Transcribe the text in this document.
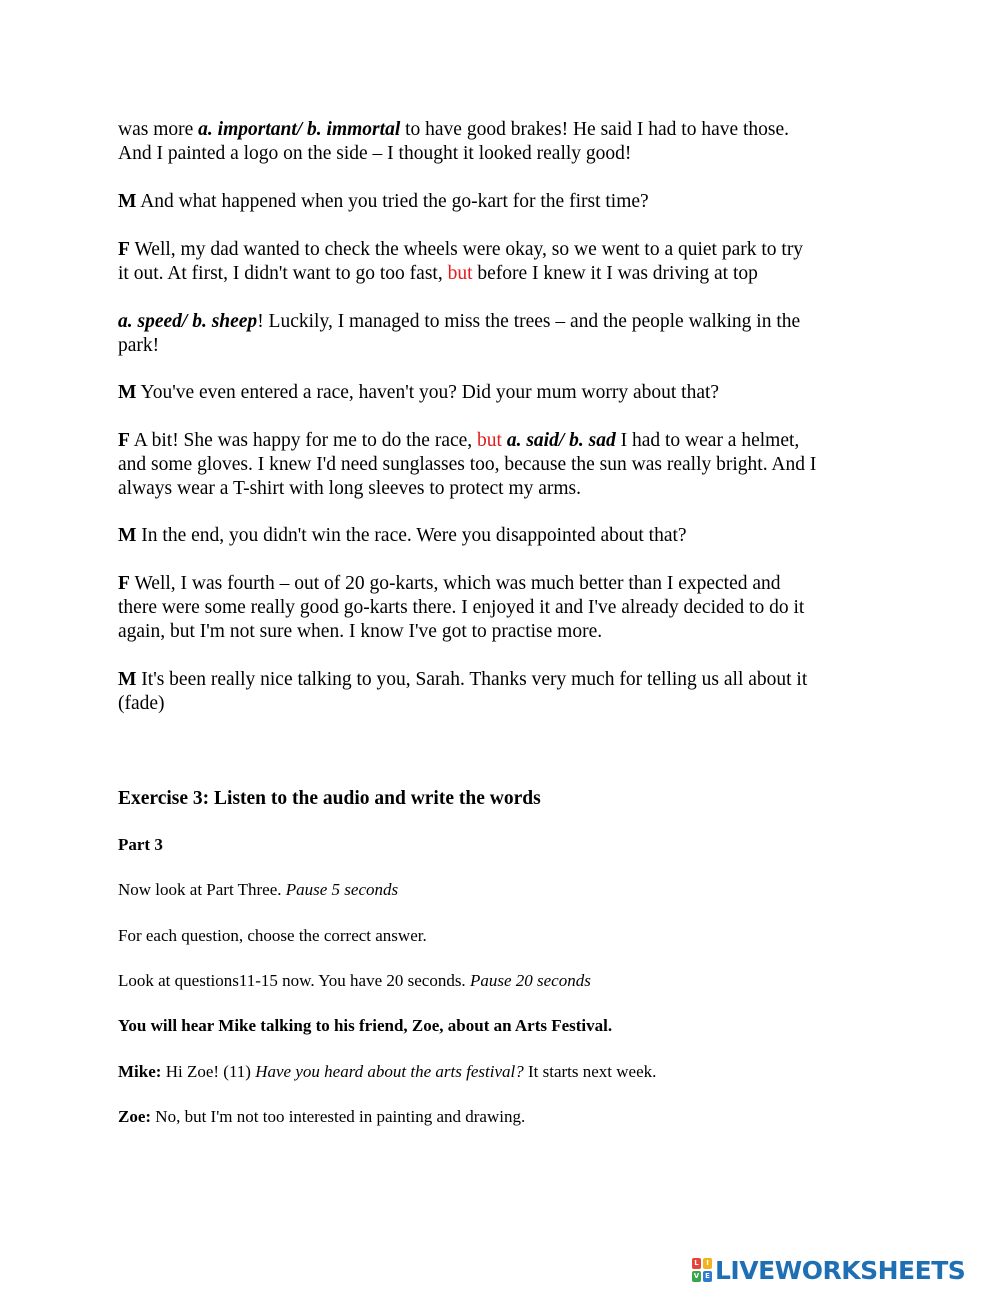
was more a. important/ b. immortal to have good brakes! He said I had to have those.
And I painted a logo on the side – I thought it looked really good!

M And what happened when you tried the go-kart for the first time?

F Well, my dad wanted to check the wheels were okay, so we went to a quiet park to try
it out. At first, I didn't want to go too fast, but before I knew it I was driving at top

a. speed/ b. sheep! Luckily, I managed to miss the trees – and the people walking in the
park!

M You've even entered a race, haven't you? Did your mum worry about that?

F A bit! She was happy for me to do the race, but a. said/ b. sad I had to wear a helmet,
and some gloves. I knew I'd need sunglasses too, because the sun was really bright. And I
always wear a T-shirt with long sleeves to protect my arms.

M In the end, you didn't win the race. Were you disappointed about that?

F Well, I was fourth – out of 20 go-karts, which was much better than I expected and
there were some really good go-karts there. I enjoyed it and I've already decided to do it
again, but I'm not sure when. I know I've got to practise more.

M It's been really nice talking to you, Sarah. Thanks very much for telling us all about it
(fade)

Exercise 3: Listen to the audio and write the words

Part 3

Now look at Part Three. Pause 5 seconds

For each question, choose the correct answer.

Look at questions11-15 now. You have 20 seconds. Pause 20 seconds

You will hear Mike talking to his friend, Zoe, about an Arts Festival.

Mike: Hi Zoe! (11) Have you heard about the arts festival? It starts next week.

Zoe: No, but I'm not too interested in painting and drawing.

L	I
V E LIVEWORKSHEETS
